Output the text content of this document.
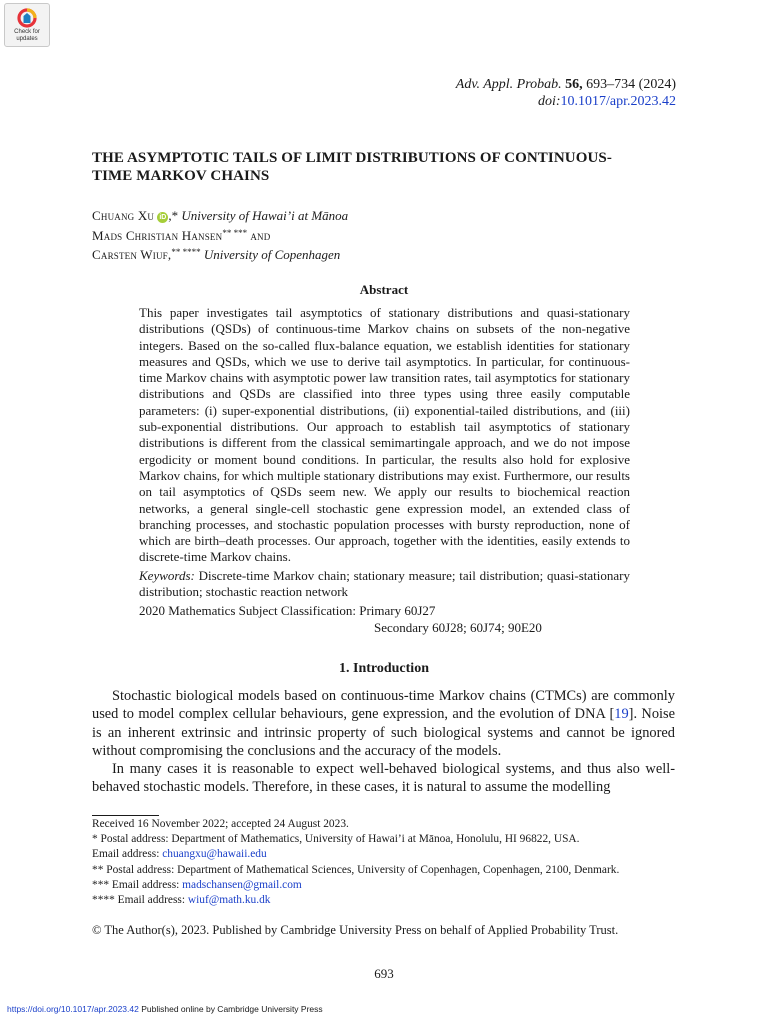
Check for
updates
Adv. Appl. Probab. 56, 693–734 (2024)
doi:10.1017/apr.2023.42
THE ASYMPTOTIC TAILS OF LIMIT DISTRIBUTIONS OF CONTINUOUS-TIME MARKOV CHAINS
Chuang Xu iD ,* University of Hawai’i at Mānoa
Mads Christian Hansen** *** and
Carsten Wiuf,** **** University of Copenhagen
Abstract
This paper investigates tail asymptotics of stationary distributions and quasi-stationary distributions (QSDs) of continuous-time Markov chains on subsets of the non-negative integers. Based on the so-called flux-balance equation, we establish identities for stationary measures and QSDs, which we use to derive tail asymptotics. In particular, for continuous-time Markov chains with asymptotic power law transition rates, tail asymptotics for stationary distributions and QSDs are classified into three types using three easily computable parameters: (i) super-exponential distributions, (ii) exponential-tailed distributions, and (iii) sub-exponential distributions. Our approach to establish tail asymptotics of stationary distributions is different from the classical semimartingale approach, and we do not impose ergodicity or moment bound conditions. In particular, the results also hold for explosive Markov chains, for which multiple stationary distributions may exist. Furthermore, our results on tail asymptotics of QSDs seem new. We apply our results to biochemical reaction networks, a general single-cell stochastic gene expression model, an extended class of branching processes, and stochastic population processes with bursty reproduction, none of which are birth–death processes. Our approach, together with the identities, easily extends to discrete-time Markov chains.
Keywords: Discrete-time Markov chain; stationary measure; tail distribution; quasi-stationary distribution; stochastic reaction network
2020 Mathematics Subject Classification: Primary 60J27
Secondary 60J28; 60J74; 90E20
1. Introduction

Stochastic biological models based on continuous-time Markov chains (CTMCs) are commonly used to model complex cellular behaviours, gene expression, and the evolution of DNA [19]. Noise is an inherent extrinsic and intrinsic property of such biological systems and cannot be ignored without compromising the conclusions and the accuracy of the models.

In many cases it is reasonable to expect well-behaved biological systems, and thus also well-behaved stochastic models. Therefore, in these cases, it is natural to assume the modelling

Received 16 November 2022; accepted 24 August 2023.
* Postal address: Department of Mathematics, University of Hawai’i at Mānoa, Honolulu, HI 96822, USA.
Email address: chuangxu@hawaii.edu
** Postal address: Department of Mathematical Sciences, University of Copenhagen, Copenhagen, 2100, Denmark.
*** Email address: madschansen@gmail.com
**** Email address: wiuf@math.ku.dk
© The Author(s), 2023. Published by Cambridge University Press on behalf of Applied Probability Trust.
693
https://doi.org/10.1017/apr.2023.42 Published online by Cambridge University Press
